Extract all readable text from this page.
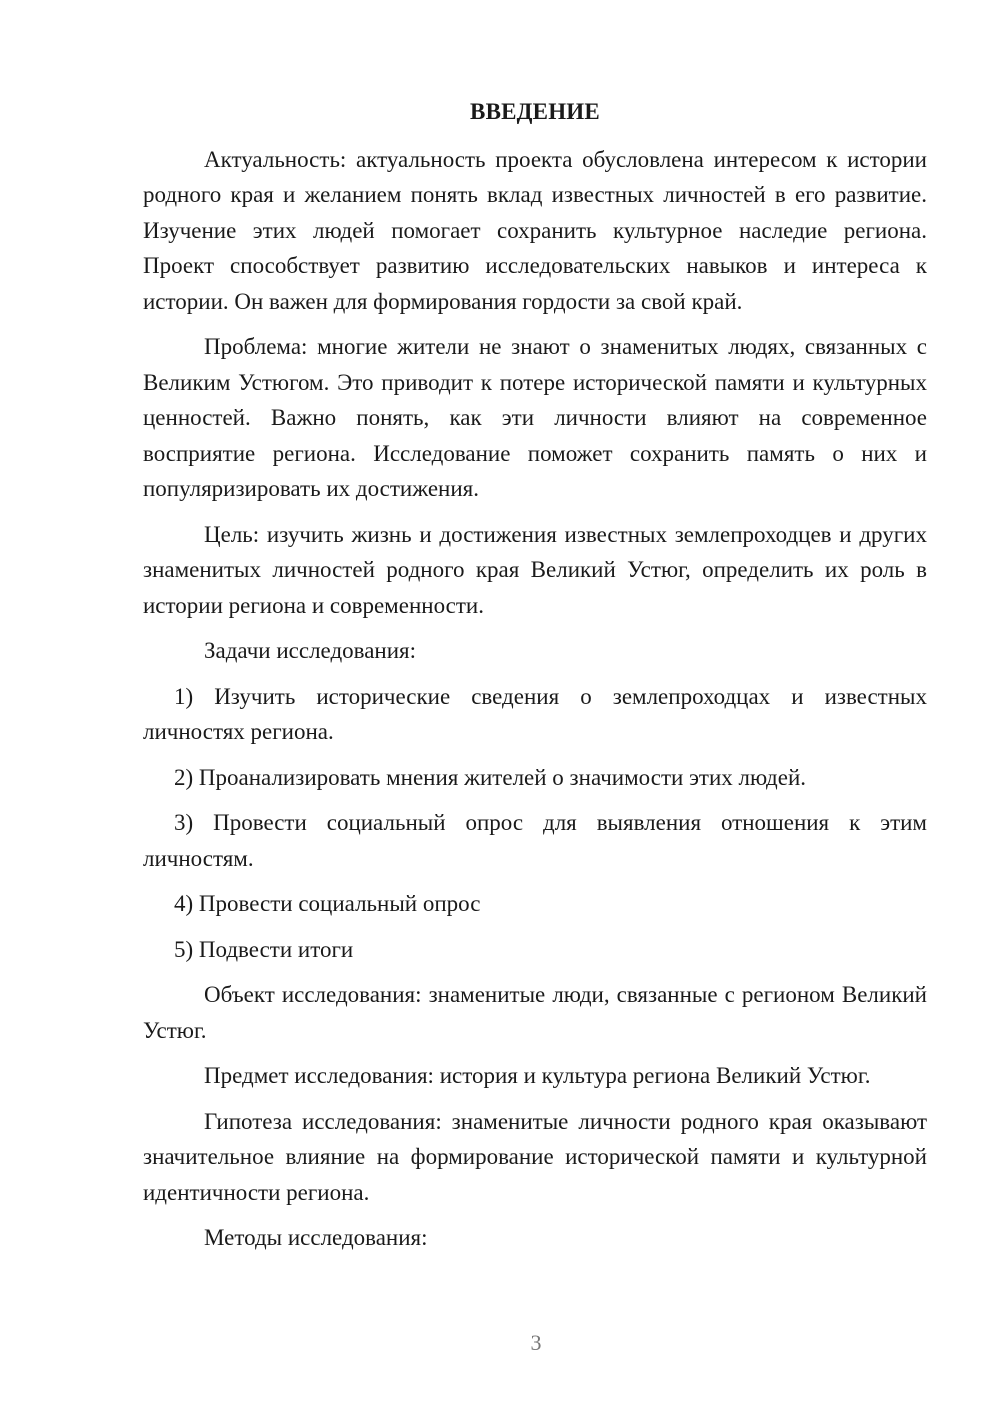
ВВЕДЕНИЕ

Актуальность: актуальность проекта обусловлена интересом к истории родного края и желанием понять вклад известных личностей в его развитие. Изучение этих людей помогает сохранить культурное наследие региона. Проект способствует развитию исследовательских навыков и интереса к истории. Он важен для формирования гордости за свой край.

Проблема: многие жители не знают о знаменитых людях, связанных с Великим Устюгом. Это приводит к потере исторической памяти и культурных ценностей. Важно понять, как эти личности влияют на современное восприятие региона. Исследование поможет сохранить память о них и популяризировать их достижения.

Цель: изучить жизнь и достижения известных землепроходцев и других знаменитых личностей родного края Великий Устюг, определить их роль в истории региона и современности.

Задачи исследования:

1) Изучить исторические сведения о землепроходцах и известных личностях региона.

2) Проанализировать мнения жителей о значимости этих людей.

3) Провести социальный опрос для выявления отношения к этим личностям.

4) Провести социальный опрос

5) Подвести итоги

Объект исследования: знаменитые люди, связанные с регионом Великий Устюг.

Предмет исследования: история и культура региона Великий Устюг.

Гипотеза исследования: знаменитые личности родного края оказывают значительное влияние на формирование исторической памяти и культурной идентичности региона.

Методы исследования:

3
